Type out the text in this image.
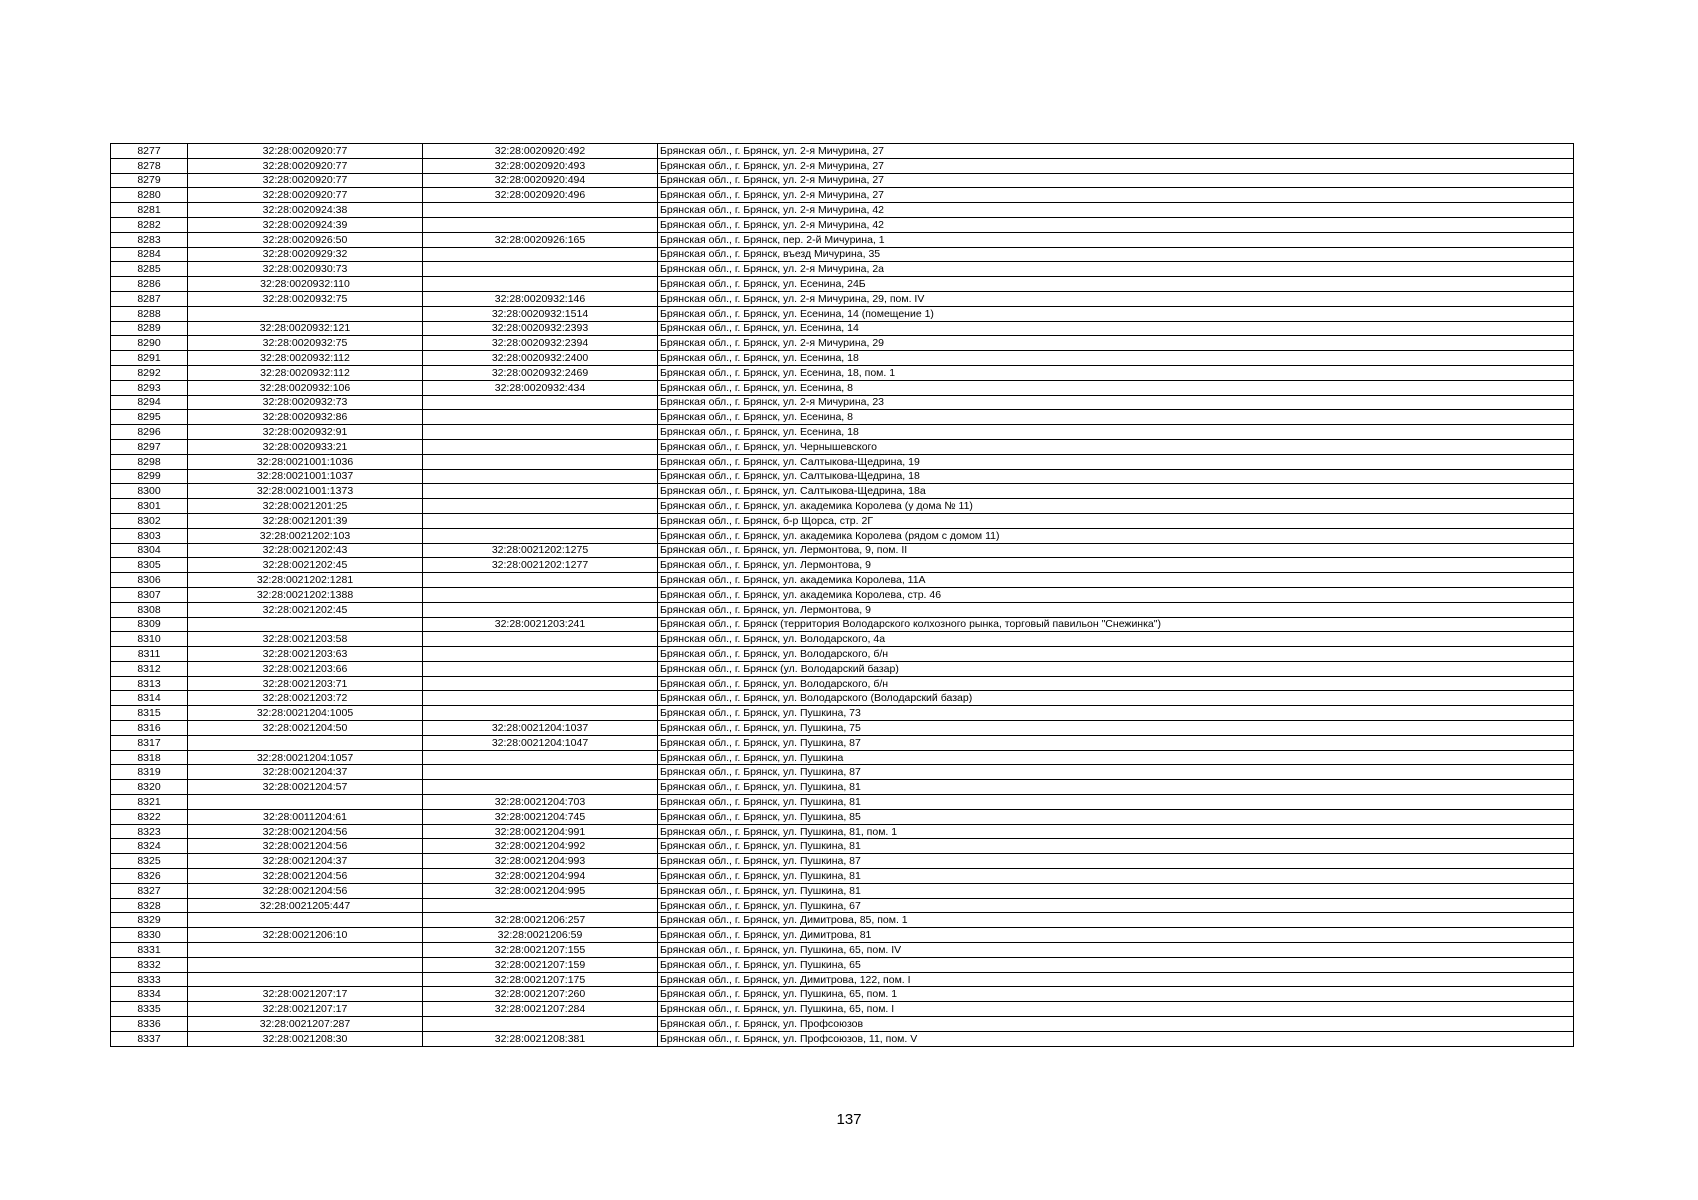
8277	32:28:0020920:77	32:28:0020920:492	Брянская обл., г. Брянск, ул. 2-я Мичурина, 27
8278	32:28:0020920:77	32:28:0020920:493	Брянская обл., г. Брянск, ул. 2-я Мичурина, 27
8279	32:28:0020920:77	32:28:0020920:494	Брянская обл., г. Брянск, ул. 2-я Мичурина, 27
8280	32:28:0020920:77	32:28:0020920:496	Брянская обл., г. Брянск, ул. 2-я Мичурина, 27
8281	32:28:0020924:38		Брянская обл., г. Брянск, ул. 2-я Мичурина, 42
8282	32:28:0020924:39		Брянская обл., г. Брянск, ул. 2-я Мичурина, 42
8283	32:28:0020926:50	32:28:0020926:165	Брянская обл., г. Брянск, пер. 2-й Мичурина, 1
8284	32:28:0020929:32		Брянская обл., г. Брянск, въезд Мичурина, 35
8285	32:28:0020930:73		Брянская обл., г. Брянск, ул. 2-я Мичурина, 2а
8286	32:28:0020932:110		Брянская обл., г. Брянск, ул. Есенина, 24Б
8287	32:28:0020932:75	32:28:0020932:146	Брянская обл., г. Брянск, ул. 2-я Мичурина, 29, пом. IV
8288		32:28:0020932:1514	Брянская обл., г. Брянск, ул. Есенина, 14 (помещение 1)
8289	32:28:0020932:121	32:28:0020932:2393	Брянская обл., г. Брянск, ул. Есенина, 14
8290	32:28:0020932:75	32:28:0020932:2394	Брянская обл., г. Брянск, ул. 2-я Мичурина, 29
8291	32:28:0020932:112	32:28:0020932:2400	Брянская обл., г. Брянск, ул. Есенина, 18
8292	32:28:0020932:112	32:28:0020932:2469	Брянская обл., г. Брянск, ул. Есенина, 18, пом. 1
8293	32:28:0020932:106	32:28:0020932:434	Брянская обл., г. Брянск, ул. Есенина, 8
8294	32:28:0020932:73		Брянская обл., г. Брянск, ул. 2-я Мичурина, 23
8295	32:28:0020932:86		Брянская обл., г. Брянск, ул. Есенина, 8
8296	32:28:0020932:91		Брянская обл., г. Брянск, ул. Есенина, 18
8297	32:28:0020933:21		Брянская обл., г. Брянск, ул. Чернышевского
8298	32:28:0021001:1036		Брянская обл., г. Брянск, ул. Салтыкова-Щедрина, 19
8299	32:28:0021001:1037		Брянская обл., г. Брянск, ул. Салтыкова-Щедрина, 18
8300	32:28:0021001:1373		Брянская обл., г. Брянск, ул. Салтыкова-Щедрина, 18а
8301	32:28:0021201:25		Брянская обл., г. Брянск, ул. академика Королева (у дома № 11)
8302	32:28:0021201:39		Брянская обл., г. Брянск, б-р Щорса, стр. 2Г
8303	32:28:0021202:103		Брянская обл., г. Брянск, ул. академика Королева (рядом с домом 11)
8304	32:28:0021202:43	32:28:0021202:1275	Брянская обл., г. Брянск, ул. Лермонтова, 9, пом. II
8305	32:28:0021202:45	32:28:0021202:1277	Брянская обл., г. Брянск, ул. Лермонтова, 9
8306	32:28:0021202:1281		Брянская обл., г. Брянск, ул. академика Королева, 11А
8307	32:28:0021202:1388		Брянская обл., г. Брянск, ул. академика Королева, стр. 46
8308	32:28:0021202:45		Брянская обл., г. Брянск, ул. Лермонтова, 9
8309		32:28:0021203:241	Брянская обл., г. Брянск (территория Володарского колхозного рынка, торговый павильон "Снежинка")
8310	32:28:0021203:58		Брянская обл., г. Брянск, ул. Володарского, 4а
8311	32:28:0021203:63		Брянская обл., г. Брянск, ул. Володарского, б/н
8312	32:28:0021203:66		Брянская обл., г. Брянск (ул. Володарский базар)
8313	32:28:0021203:71		Брянская обл., г. Брянск, ул. Володарского, б/н
8314	32:28:0021203:72		Брянская обл., г. Брянск, ул. Володарского (Володарский базар)
8315	32:28:0021204:1005		Брянская обл., г. Брянск, ул. Пушкина, 73
8316	32:28:0021204:50	32:28:0021204:1037	Брянская обл., г. Брянск, ул. Пушкина, 75
8317		32:28:0021204:1047	Брянская обл., г. Брянск, ул. Пушкина, 87
8318	32:28:0021204:1057		Брянская обл., г. Брянск, ул. Пушкина
8319	32:28:0021204:37		Брянская обл., г. Брянск, ул. Пушкина, 87
8320	32:28:0021204:57		Брянская обл., г. Брянск, ул. Пушкина, 81
8321		32:28:0021204:703	Брянская обл., г. Брянск, ул. Пушкина, 81
8322	32:28:0011204:61	32:28:0021204:745	Брянская обл., г. Брянск, ул. Пушкина, 85
8323	32:28:0021204:56	32:28:0021204:991	Брянская обл., г. Брянск, ул. Пушкина, 81, пом. 1
8324	32:28:0021204:56	32:28:0021204:992	Брянская обл., г. Брянск, ул. Пушкина, 81
8325	32:28:0021204:37	32:28:0021204:993	Брянская обл., г. Брянск, ул. Пушкина, 87
8326	32:28:0021204:56	32:28:0021204:994	Брянская обл., г. Брянск, ул. Пушкина, 81
8327	32:28:0021204:56	32:28:0021204:995	Брянская обл., г. Брянск, ул. Пушкина, 81
8328	32:28:0021205:447		Брянская обл., г. Брянск, ул. Пушкина, 67
8329		32:28:0021206:257	Брянская обл., г. Брянск, ул. Димитрова, 85, пом. 1
8330	32:28:0021206:10	32:28:0021206:59	Брянская обл., г. Брянск, ул. Димитрова, 81
8331		32:28:0021207:155	Брянская обл., г. Брянск, ул. Пушкина, 65, пом. IV
8332		32:28:0021207:159	Брянская обл., г. Брянск, ул. Пушкина, 65
8333		32:28:0021207:175	Брянская обл., г. Брянск, ул. Димитрова, 122, пом. I
8334	32:28:0021207:17	32:28:0021207:260	Брянская обл., г. Брянск, ул. Пушкина, 65, пом. 1
8335	32:28:0021207:17	32:28:0021207:284	Брянская обл., г. Брянск, ул. Пушкина, 65, пом. I
8336	32:28:0021207:287		Брянская обл., г. Брянск, ул. Профсоюзов
8337	32:28:0021208:30	32:28:0021208:381	Брянская обл., г. Брянск, ул. Профсоюзов, 11, пом. V
137
